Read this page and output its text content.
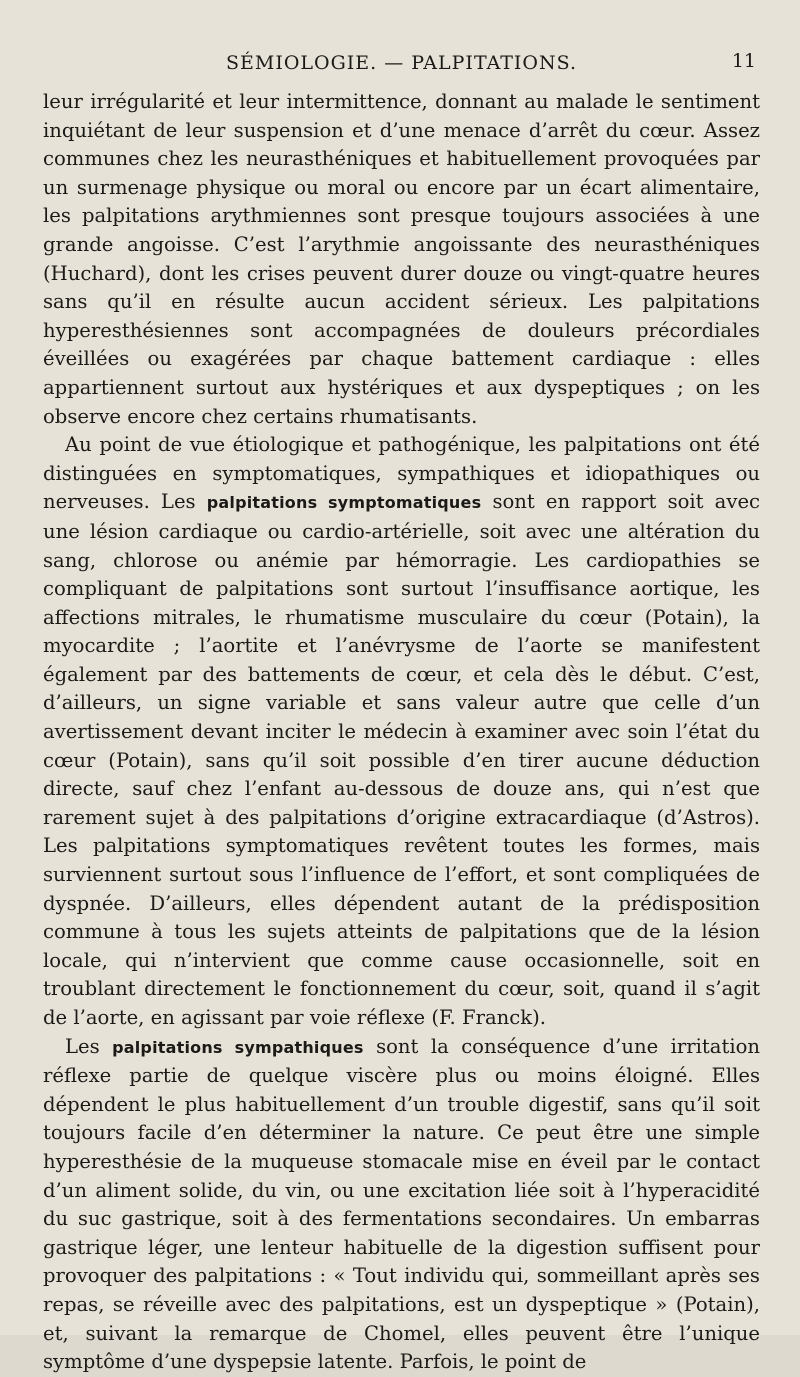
SÉMIOLOGIE. — PALPITATIONS.	11

leur irrégularité et leur intermittence, donnant au malade le sentiment inquiétant de leur suspension et d’une menace d’arrêt du cœur. Assez communes chez les neurasthéniques et habituellement provoquées par un surmenage physique ou moral ou encore par un écart alimentaire, les palpitations arythmiennes sont presque toujours associées à une grande angoisse. C’est l’arythmie angoissante des neurasthéniques (Huchard), dont les crises peuvent durer douze ou vingt-quatre heures sans qu’il en résulte aucun accident sérieux. Les palpitations hyperesthésiennes sont accompagnées de douleurs précordiales éveillées ou exagérées par chaque battement cardiaque : elles appartiennent surtout aux hystériques et aux dyspeptiques ; on les observe encore chez certains rhumatisants.

Au point de vue étiologique et pathogénique, les palpitations ont été distinguées en symptomatiques, sympathiques et idiopathiques ou nerveuses. Les palpitations symptomatiques sont en rapport soit avec une lésion cardiaque ou cardio-artérielle, soit avec une altération du sang, chlorose ou anémie par hémorragie. Les cardiopathies se compliquant de palpitations sont surtout l’insuffisance aortique, les affections mitrales, le rhumatisme musculaire du cœur (Potain), la myocardite ; l’aortite et l’anévrysme de l’aorte se manifestent également par des battements de cœur, et cela dès le début. C’est, d’ailleurs, un signe variable et sans valeur autre que celle d’un avertissement devant inciter le médecin à examiner avec soin l’état du cœur (Potain), sans qu’il soit possible d’en tirer aucune déduction directe, sauf chez l’enfant au-dessous de douze ans, qui n’est que rarement sujet à des palpitations d’origine extracardiaque (d’Astros). Les palpitations symptomatiques revêtent toutes les formes, mais surviennent surtout sous l’influence de l’effort, et sont compliquées de dyspnée. D’ailleurs, elles dépendent autant de la prédisposition commune à tous les sujets atteints de palpitations que de la lésion locale, qui n’intervient que comme cause occasionnelle, soit en troublant directement le fonctionnement du cœur, soit, quand il s’agit de l’aorte, en agissant par voie réflexe (F. Franck).

Les palpitations sympathiques sont la conséquence d’une irritation réflexe partie de quelque viscère plus ou moins éloigné. Elles dépendent le plus habituellement d’un trouble digestif, sans qu’il soit toujours facile d’en déterminer la nature. Ce peut être une simple hyperesthésie de la muqueuse stomacale mise en éveil par le contact d’un aliment solide, du vin, ou une excitation liée soit à l’hyperacidité du suc gastrique, soit à des fermentations secondaires. Un embarras gastrique léger, une lenteur habituelle de la digestion suffisent pour provoquer des palpitations : « Tout individu qui, sommeillant après ses repas, se réveille avec des palpitations, est un dyspeptique » (Potain), et, suivant la remarque de Chomel, elles peuvent être l’unique symptôme d’une dyspepsie latente. Parfois, le point de
